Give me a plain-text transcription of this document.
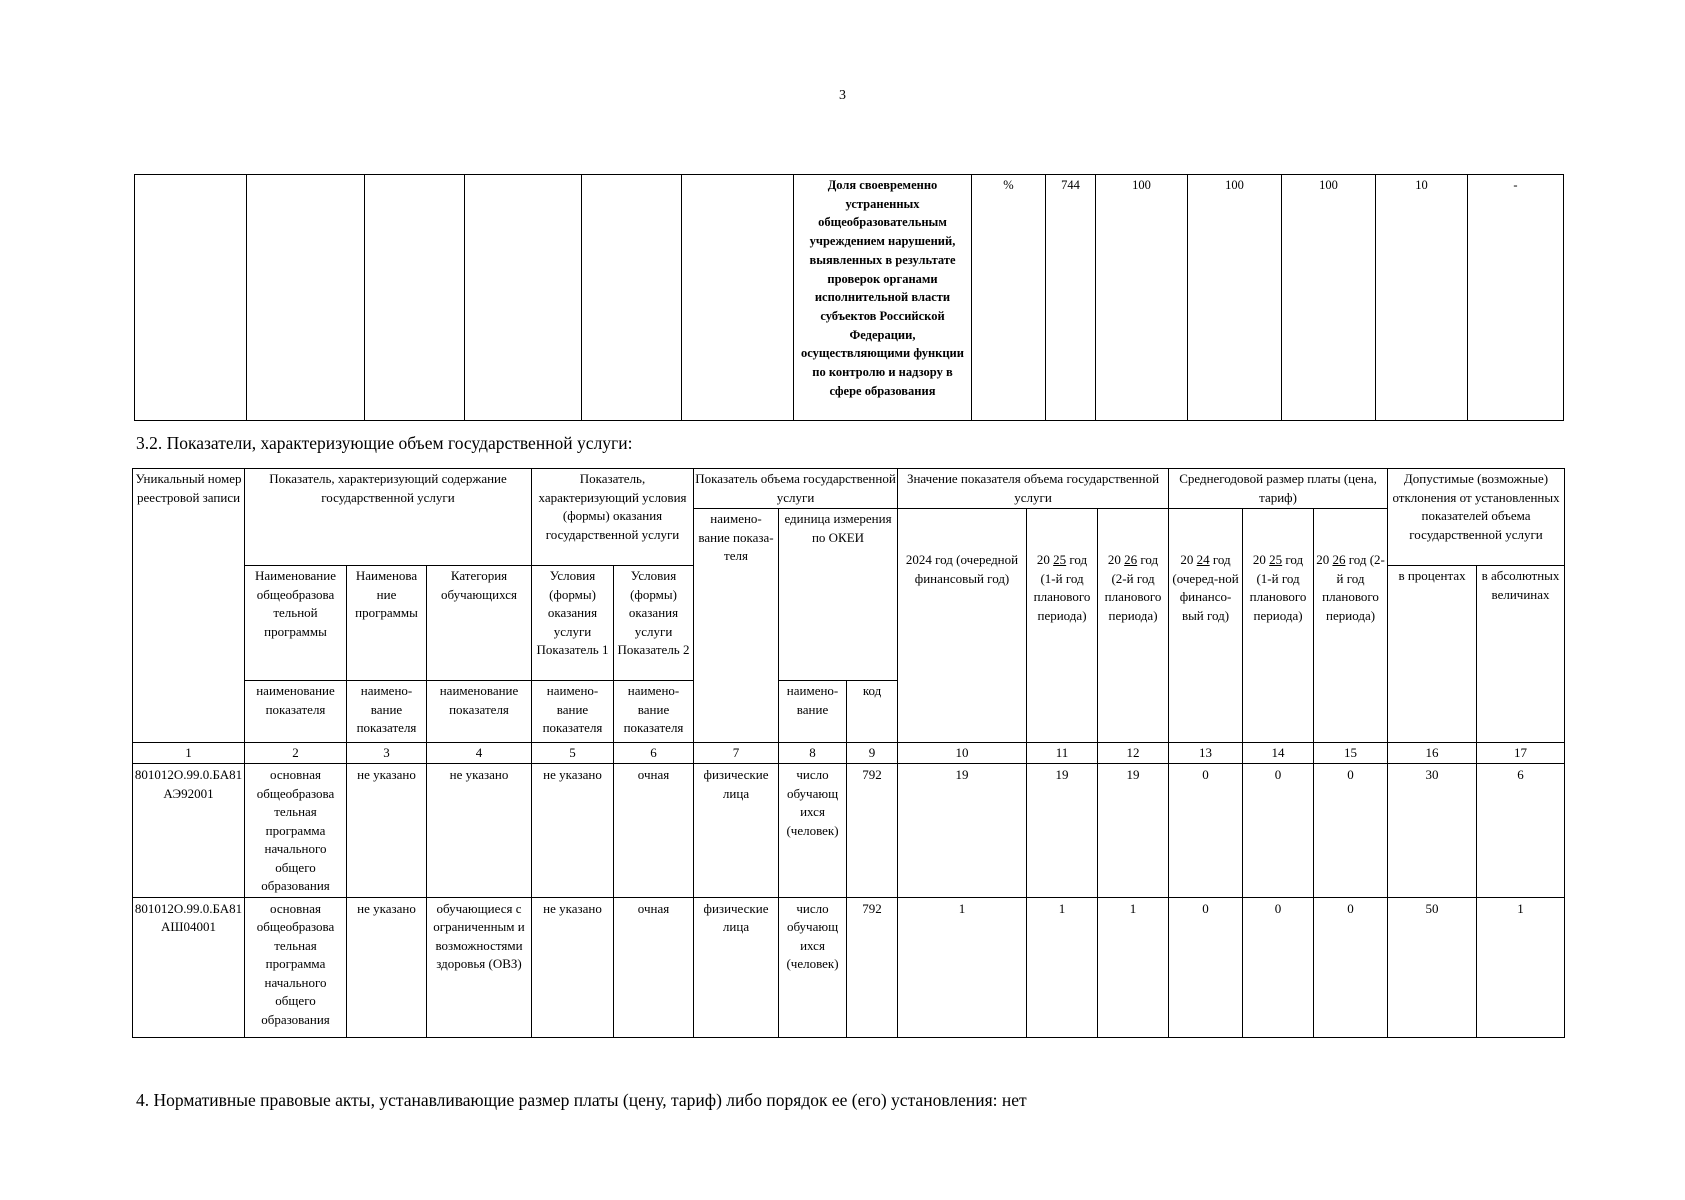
3
						Доля своевременно устраненных общеобразовательным учреждением нарушений, выявленных в результате проверок органами исполнительной власти субъектов Российской Федерации, осуществляющими функции по контролю и надзору в сфере образования	%	744	100	100	100	10	-
3.2. Показатели, характеризующие объем государственной услуги:
Уникальный номер реестровой записи	Показатель, характеризующий содержание государственной услуги			Показатель, характеризующий условия (формы) оказания государственной услуги		Показатель объема государственной услуги			Значение показателя объема государственной услуги			Среднегодовой размер платы (цена, тариф)			Допустимые (возможные) отклонения от установленных показателей объема государственной услуги	
						наимено-вание показа-теля	единица измерения по ОКЕИ		2024 год (очередной финансовый год)	20 25 год (1-й год планового периода)	20 26 год (2-й год планового периода)	20 24 год (очеред-ной финансо-вый год)	20 25 год (1-й год планового периода)	20 26 год (2-й год планового периода)		
	Наименование общеобразова тельной программы	Наименова ние программы	Категория обучающихся	Условия (формы) оказания услуги Показатель 1	Условия (формы) оказания услуги Показатель 2										в процентах	в абсолютных величинах
	наименование показателя	наимено-вание показателя	наименование показателя	наимено-вание показателя	наимено-вание показателя		наимено-вание	код								
1	2	3	4	5	6	7	8	9	10	11	12	13	14	15	16	17
801012О.99.0.БА81АЭ92001	основная общеобразова тельная программа начального общего образования	не указано	не указано	не указано	очная	физические лица	число обучающ ихся (человек)	792	19	19	19	0	0	0	30	6
801012О.99.0.БА81АШ04001	основная общеобразова тельная программа начального общего образования	не указано	обучающиеся с ограниченным и возможностями здоровья (ОВЗ)	не указано	очная	физические лица	число обучающ ихся (человек)	792	1	1	1	0	0	0	50	1
4. Нормативные правовые акты, устанавливающие размер платы (цену, тариф) либо порядок ее (его) установления: нет
